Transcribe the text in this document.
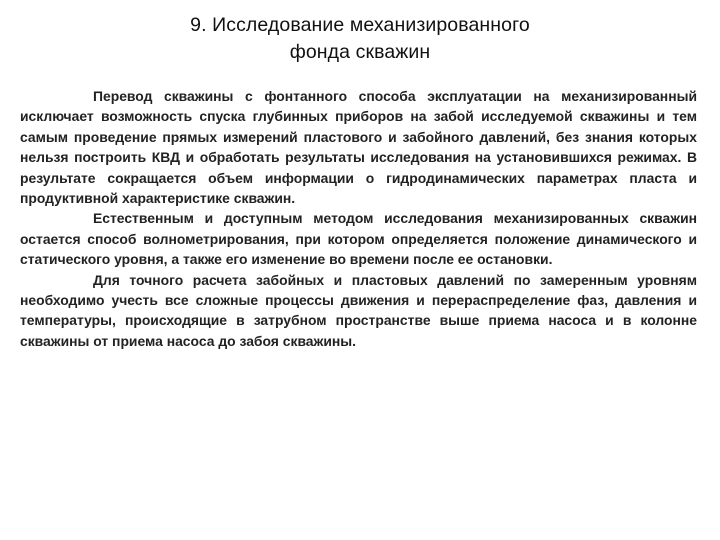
9. Исследование механизированного
фонда скважин

Перевод скважины с фонтанного способа эксплуатации на механизированный исключает возможность спуска глубинных приборов на забой исследуемой скважины и тем самым проведение прямых измерений пластового и забойного давлений, без знания которых нельзя построить КВД и обработать результаты исследования на установившихся режимах. В результате сокращается объем информации о гидродинамических параметрах пласта и продуктивной характеристике скважин.

Естественным и доступным методом исследования механизированных скважин остается способ волнометрирования, при котором определяется положение динамического и статического уровня, а также его изменение во времени после ее остановки.

Для точного расчета забойных и пластовых давлений по замеренным уровням необходимо учесть все сложные процессы движения и перераспределение фаз, давления и температуры, происходящие в затрубном пространстве выше приема насоса и в колонне скважины от приема насоса до забоя скважины.
